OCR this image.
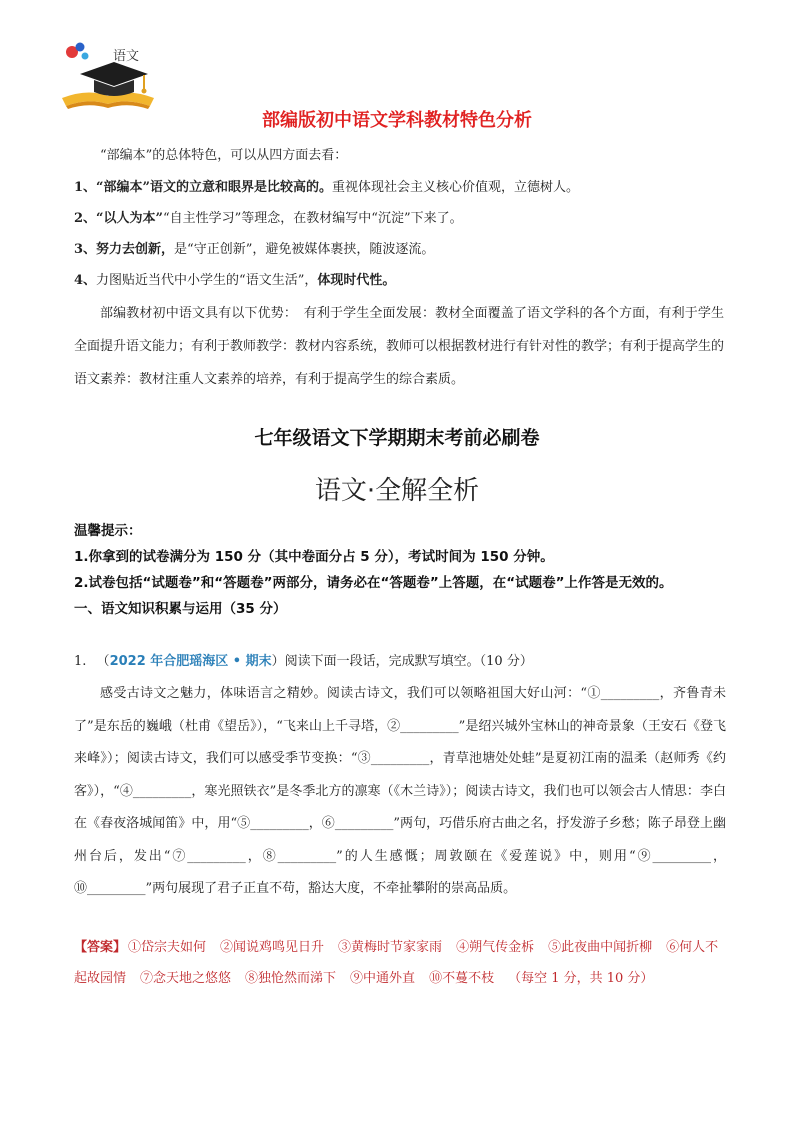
语文
部编版初中语文学科教材特色分析
“部编本”的总体特色，可以从四方面去看：
1、“部编本”语文的立意和眼界是比较高的。重视体现社会主义核心价值观，立德树人。
2、“以人为本”“自主性学习”等理念，在教材编写中“沉淀”下来了。
3、努力去创新，是“守正创新”，避免被媒体裹挟，随波逐流。
4、力图贴近当代中小学生的“语文生活”，体现时代性。
部编教材初中语文具有以下优势：　有利于学生全面发展：教材全面覆盖了语文学科的各个方面，有利于学生全面提升语文能力；有利于教师教学：教材内容系统，教师可以根据教材进行有针对性的教学；有利于提高学生的语文素养：教材注重人文素养的培养，有利于提高学生的综合素质。
七年级语文下学期期末考前必刷卷
语文·全解全析
温馨提示：
1.你拿到的试卷满分为 150 分（其中卷面分占 5 分），考试时间为 150 分钟。
2.试卷包括“试题卷”和“答题卷”两部分，请务必在“答题卷”上答题，在“试题卷”上作答是无效的。
一、语文知识积累与运用（35 分）
1. （2022 年合肥瑶海区 • 期末）阅读下面一段话，完成默写填空。（10 分）
感受古诗文之魅力，体味语言之精妙。阅读古诗文，我们可以领略祖国大好山河：“①_________，齐鲁青未了”是东岳的巍峨（杜甫《望岳》），“飞来山上千寻塔，②_________”是绍兴城外宝林山的神奇景象（王安石《登飞来峰》）；阅读古诗文，我们可以感受季节变换：“③_________，青草池塘处处蛙”是夏初江南的温柔（赵师秀《约客》），“④_________，寒光照铁衣”是冬季北方的凛寒（《木兰诗》）；阅读古诗文，我们也可以领会古人情思：李白在《春夜洛城闻笛》中，用“⑤_________，⑥_________”两句，巧借乐府古曲之名，抒发游子乡愁；陈子昂登上幽州台后，发出“⑦_________，⑧_________”的人生感慨；周敦颐在《爱莲说》中，则用“⑨_________，⑩_________”两句展现了君子正直不苟，豁达大度，不牵扯攀附的崇高品质。
【答案】 ①岱宗夫如何 ②闻说鸡鸣见日升 ③黄梅时节家家雨 ④朔气传金柝 ⑤此夜曲中闻折柳 ⑥何人不起故园情 ⑦念天地之悠悠 ⑧独怆然而涕下 ⑨中通外直 ⑩不蔓不枝 （每空 1 分，共 10 分）
